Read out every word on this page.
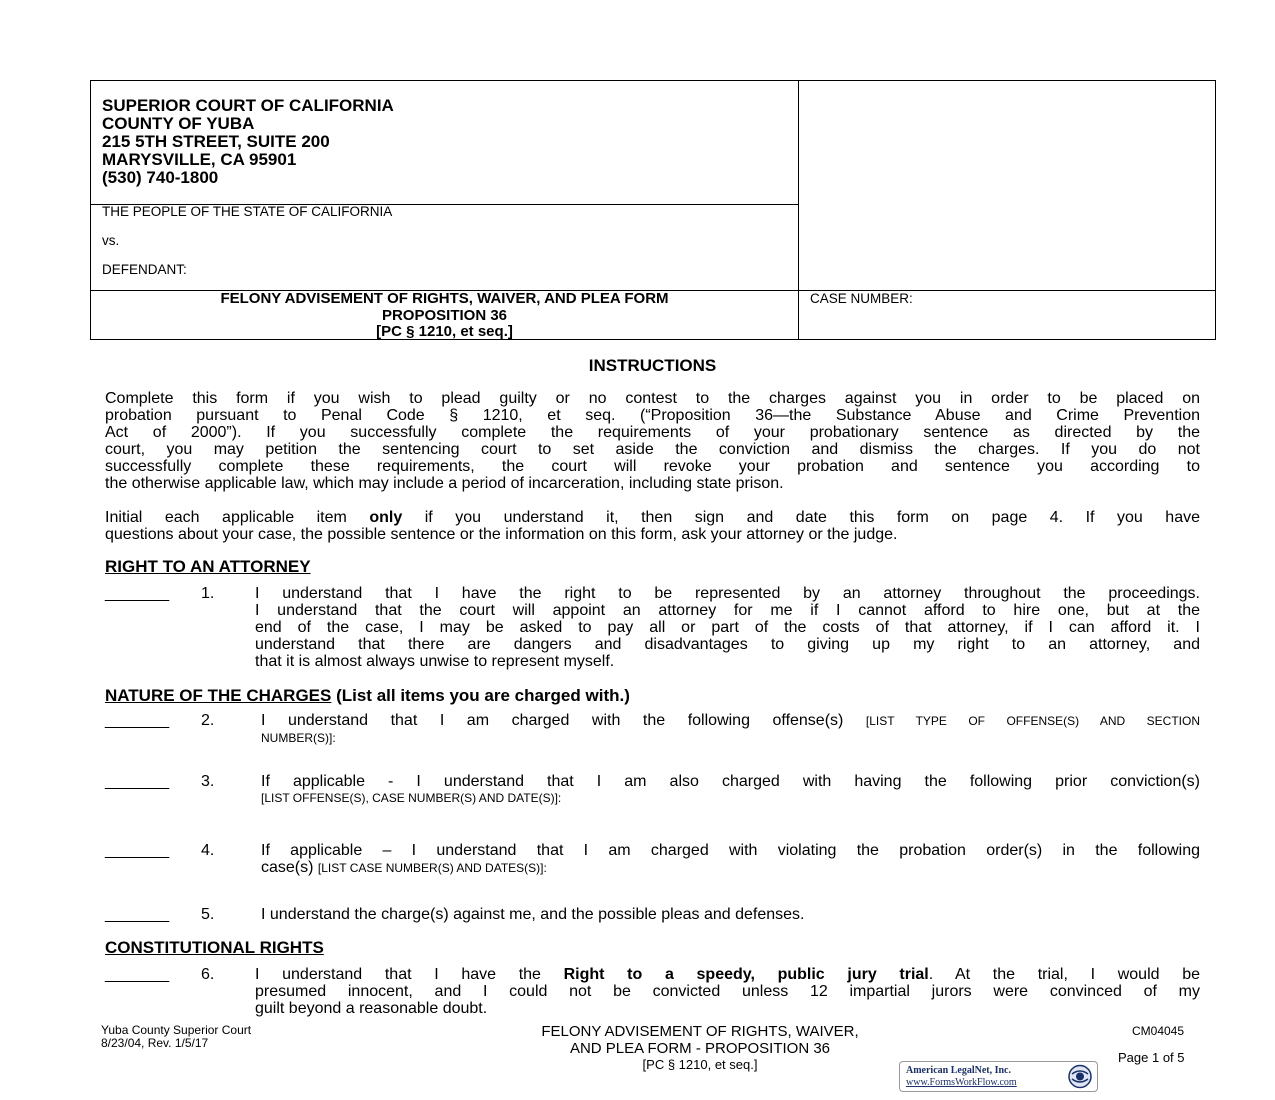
SUPERIOR COURT OF CALIFORNIA
COUNTY OF YUBA
215 5TH STREET, SUITE 200
MARYSVILLE, CA 95901
(530) 740-1800
THE PEOPLE OF THE STATE OF CALIFORNIA
vs.
DEFENDANT:
FELONY ADVISEMENT OF RIGHTS, WAIVER, AND PLEA FORM
PROPOSITION 36
[PC § 1210, et seq.]
CASE NUMBER:
INSTRUCTIONS
Complete this form if you wish to plead guilty or no contest to the charges against you in order to be placed on
probation pursuant to Penal Code § 1210, et seq. (“Proposition 36—the Substance Abuse and Crime Prevention
Act of 2000”). If you successfully complete the requirements of your probationary sentence as directed by the
court, you may petition the sentencing court to set aside the conviction and dismiss the charges. If you do not
successfully complete these requirements, the court will revoke your probation and sentence you according to
the otherwise applicable law, which may include a period of incarceration, including state prison.
Initial each applicable item only if you understand it, then sign and date this form on page 4. If you have
questions about your case, the possible sentence or the information on this form, ask your attorney or the judge.
RIGHT TO AN ATTORNEY
________ 1.	I understand that I have the right to be represented by an attorney throughout the proceedings.
I understand that the court will appoint an attorney for me if I cannot afford to hire one, but at the
end of the case, I may be asked to pay all or part of the costs of that attorney, if I can afford it. I
understand that there are dangers and disadvantages to giving up my right to an attorney, and
that it is almost always unwise to represent myself.
NATURE OF THE CHARGES (List all items you are charged with.)
________ 2.	I understand that I am charged with the following offense(s) [LIST TYPE OF OFFENSE(S) AND SECTION
NUMBER(S)]:
________ 3.	If applicable - I understand that I am also charged with having the following prior conviction(s)
[LIST OFFENSE(S), CASE NUMBER(S) AND DATE(S)]:
________ 4.	If applicable – I understand that I am charged with violating the probation order(s) in the following
case(s) [LIST CASE NUMBER(S) AND DATES(S)]:
________ 5.	I understand the charge(s) against me, and the possible pleas and defenses.
CONSTITUTIONAL RIGHTS
________ 6.	I understand that I have the Right to a speedy, public jury trial. At the trial, I would be
presumed innocent, and I could not be convicted unless 12 impartial jurors were convinced of my
guilt beyond a reasonable doubt.
Yuba County Superior Court
8/23/04, Rev. 1/5/17
FELONY ADVISEMENT OF RIGHTS, WAIVER,
AND PLEA FORM - PROPOSITION 36
[PC § 1210, et seq.]
CM04045
Page 1 of 5
American LegalNet, Inc.
www.FormsWorkFlow.com
